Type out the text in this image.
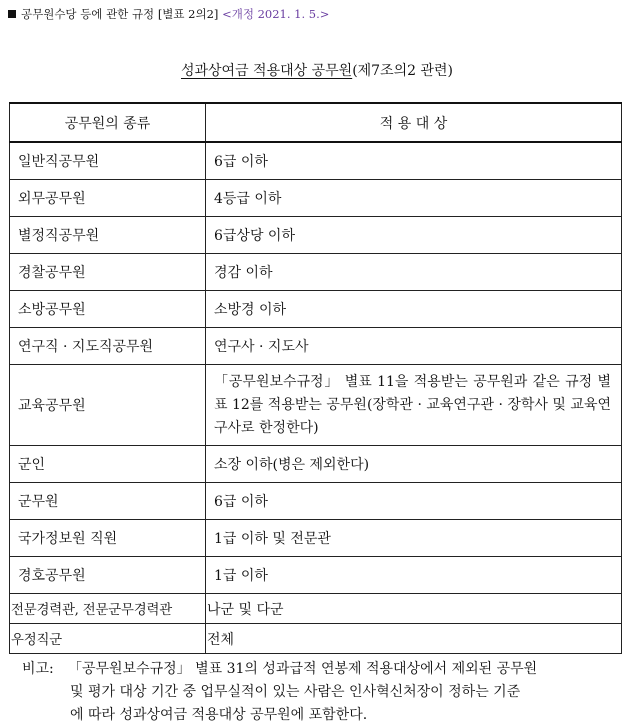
공무원수당 등에 관한 규정 [별표 2의2] <개정 2021. 1. 5.>
성과상여금 적용대상 공무원(제7조의2 관련)
공무원의 종류	적 용 대 상
일반직공무원	6급 이하
외무공무원	4등급 이하
별정직공무원	6급상당 이하
경찰공무원	경감 이하
소방공무원	소방경 이하
연구직 · 지도직공무원	연구사 · 지도사
교육공무원	「공무원보수규정」 별표 11을 적용받는 공무원과 같은 규정 별표 12를 적용받는 공무원(장학관 · 교육연구관 · 장학사 및 교육연구사로 한정한다)
군인	소장 이하(병은 제외한다)
군무원	6급 이하
국가정보원 직원	1급 이하 및 전문관
경호공무원	1급 이하
전문경력관, 전문군무경력관	나군 및 다군
우정직군	전체
비고: 「공무원보수규정」 별표 31의 성과급적 연봉제 적용대상에서 제외된 공무원

및 평가 대상 기간 중 업무실적이 있는 사람은 인사혁신처장이 정하는 기준
에 따라 성과상여금 적용대상 공무원에 포함한다.
